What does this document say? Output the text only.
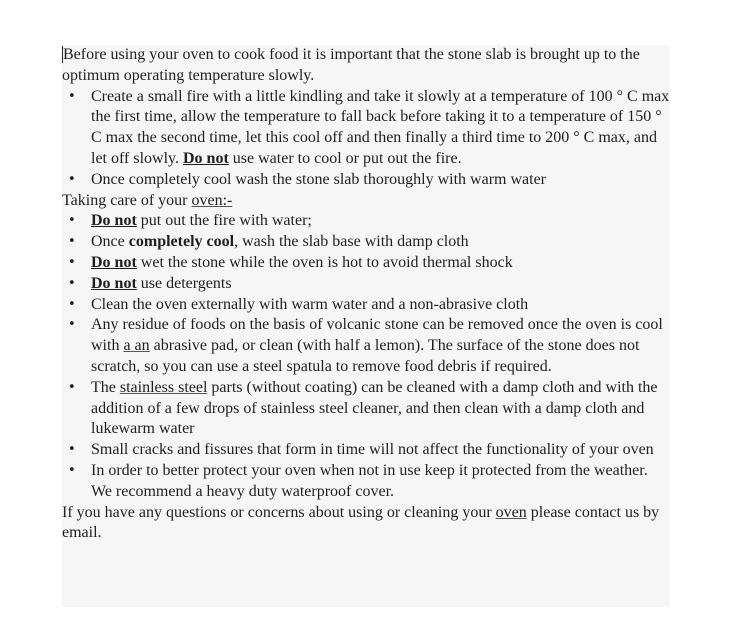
Before using your oven to cook food it is important that the stone slab is brought up to the optimum operating temperature slowly.

• Create a small fire with a little kindling and take it slowly at a temperature of 100 ° C max the first time, allow the temperature to fall back before taking it to a temperature of 150 ° C max the second time, let this cool off and then finally a third time to 200 ° C max, and let off slowly. Do not use water to cool or put out the fire.
• Once completely cool wash the stone slab thoroughly with warm water

Taking care of your oven:-

• Do not put out the fire with water;
• Once completely cool, wash the slab base with damp cloth
• Do not wet the stone while the oven is hot to avoid thermal shock
• Do not use detergents
• Clean the oven externally with warm water and a non-abrasive cloth
• Any residue of foods on the basis of volcanic stone can be removed once the oven is cool with a an abrasive pad, or clean (with half a lemon). The surface of the stone does not scratch, so you can use a steel spatula to remove food debris if required.
• The stainless steel parts (without coating) can be cleaned with a damp cloth and with the addition of a few drops of stainless steel cleaner, and then clean with a damp cloth and lukewarm water
• Small cracks and fissures that form in time will not affect the functionality of your oven
• In order to better protect your oven when not in use keep it protected from the weather. We recommend a heavy duty waterproof cover.

If you have any questions or concerns about using or cleaning your oven please contact us by email.
